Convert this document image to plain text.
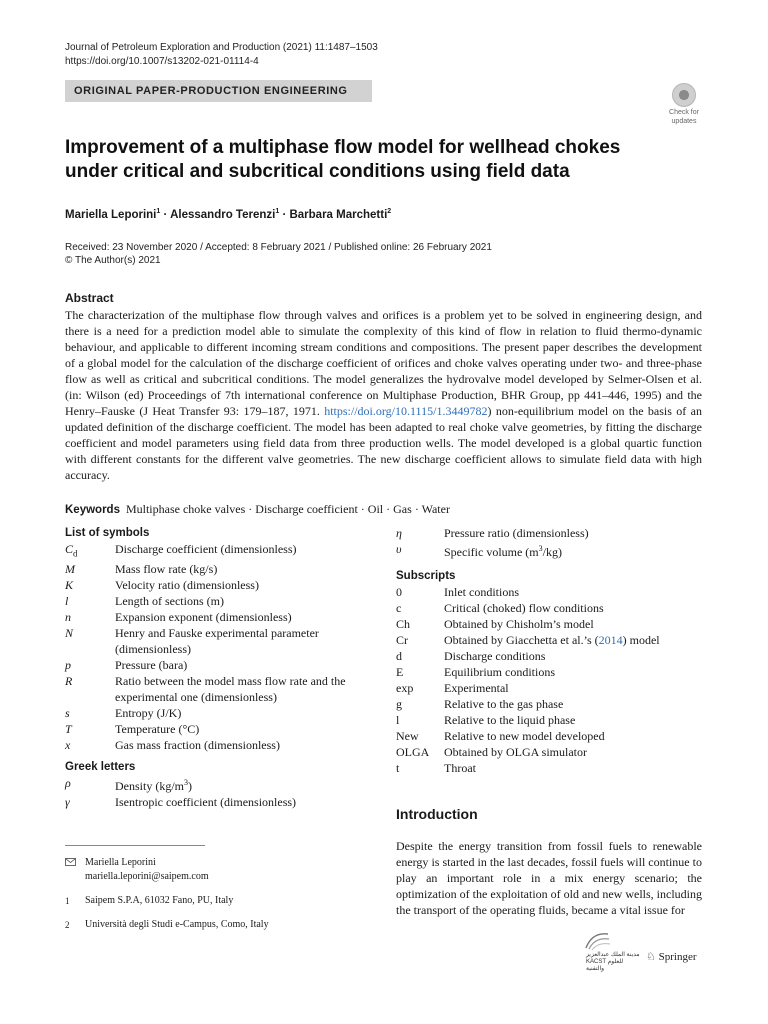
Journal of Petroleum Exploration and Production (2021) 11:1487–1503
https://doi.org/10.1007/s13202-021-01114-4
ORIGINAL PAPER-PRODUCTION ENGINEERING
Check for
updates
Improvement of a multiphase flow model for wellhead chokes under critical and subcritical conditions using field data
Mariella Leporini$^1$ · Alessandro Terenzi$^1$ · Barbara Marchetti$^2$
Received: 23 November 2020 / Accepted: 8 February 2021 / Published online: 26 February 2021
© The Author(s) 2021
Abstract

The characterization of the multiphase flow through valves and orifices is a problem yet to be solved in engineering design, and there is a need for a prediction model able to simulate the complexity of this kind of flow in relation to fluid thermo-dynamic behaviour, and applicable to different incoming stream conditions and compositions. The present paper describes the development of a global model for the calculation of the discharge coefficient of orifices and choke valves operating under two- and three-phase flow as well as critical and subcritical conditions. The model generalizes the hydrovalve model developed by Selmer-Olsen et al. (in: Wilson (ed) Proceedings of 7th international conference on Multiphase Production, BHR Group, pp 441–446, 1995) and the Henry–Fauske (J Heat Transfer 93: 179–187, 1971. https://doi.org/10.1115/1.3449782) non-equilibrium model on the basis of an updated definition of the discharge coefficient. The model has been adapted to real choke valve geometries, by fitting the discharge coefficient and model parameters using field data from three production wells. The model developed is a global quartic function with different constants for the different valve geometries. The new discharge coefficient allows to simulate field data with high accuracy.

Keywords Multiphase choke valves · Discharge coefficient · Oil · Gas · Water
List of symbols
$C_d$	Discharge coefficient (dimensionless)
M	Mass flow rate (kg/s)
K	Velocity ratio (dimensionless)
l	Length of sections (m)
n	Expansion exponent (dimensionless)
N	Henry and Fauske experimental parameter (dimensionless)
p	Pressure (bara)
R	Ratio between the model mass flow rate and the experimental one (dimensionless)
s	Entropy (J/K)
T	Temperature (°C)
x	Gas mass fraction (dimensionless)
Greek letters
ρ	Density $(kg/m^3)$
γ	Isentropic coefficient (dimensionless)
η	Pressure ratio (dimensionless)
υ	Specific volume $(m^3/kg)$
Subscripts
0	Inlet conditions
c	Critical (choked) flow conditions
Ch	Obtained by Chisholm’s model
Cr	Obtained by Giacchetta et al.’s (2014) model
d	Discharge conditions
E	Equilibrium conditions
exp	Experimental
g	Relative to the gas phase
l	Relative to the liquid phase
New	Relative to new model developed
OLGA	Obtained by OLGA simulator
t	Throat
Introduction

Despite the energy transition from fossil fuels to renewable energy is started in the last decades, fossil fuels will continue to play an important role in a mix energy scenario; the optimization of the exploitation of old and new wells, including the transport of the operating fluids, became a vital issue for

Mariella Leporini
mariella.leporini@saipem.com
1	Saipem S.P.A, 61032 Fano, PU, Italy
2	Università degli Studi e-Campus, Como, Italy
مدينة الملك عبدالعزيز
KACST للعلوم والتقنية
♘ Springer
